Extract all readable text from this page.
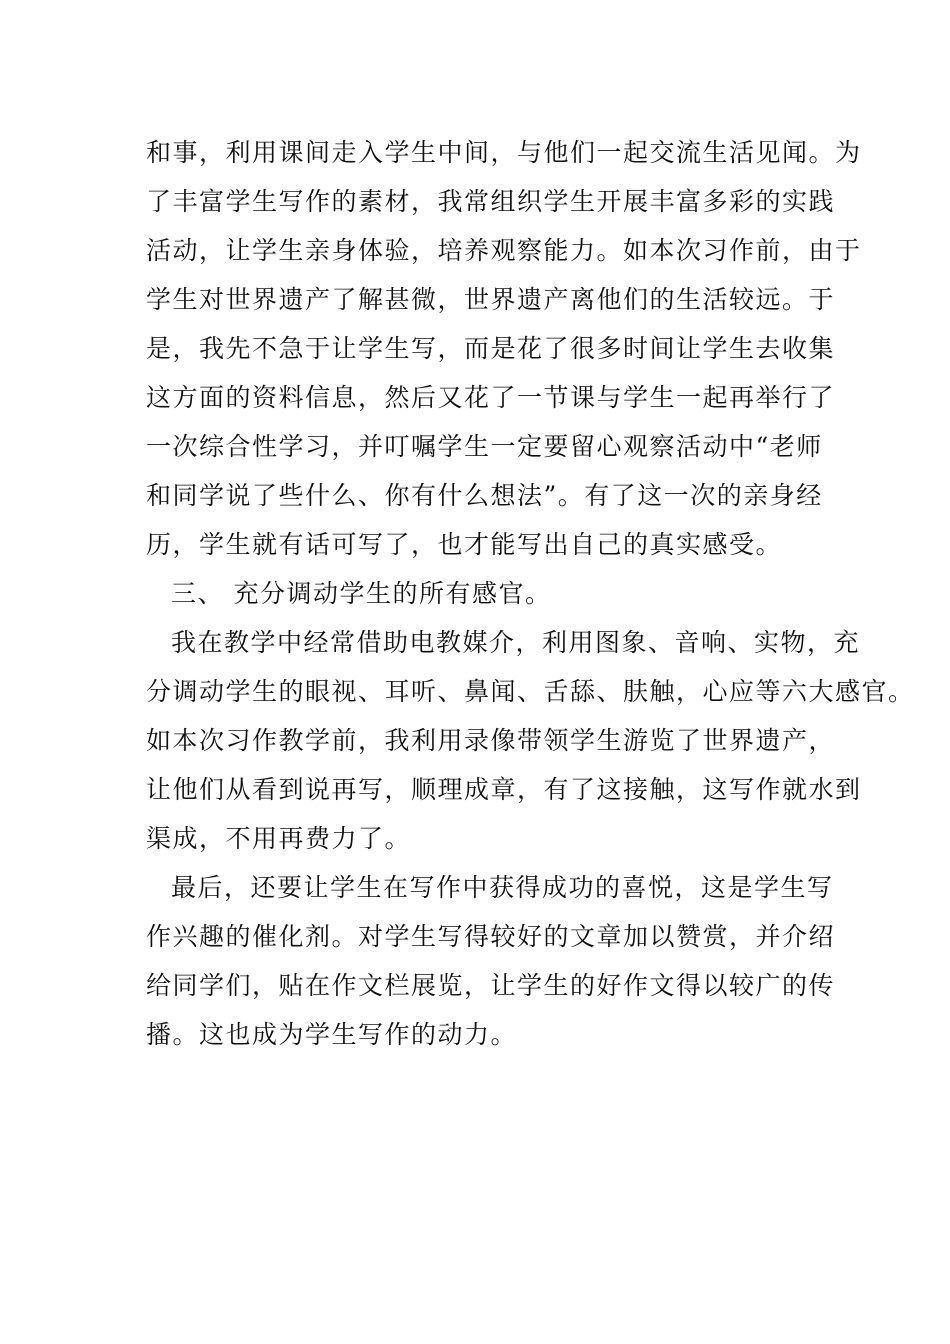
和事，利用课间走入学生中间，与他们一起交流生活见闻。为
了丰富学生写作的素材，我常组织学生开展丰富多彩的实践
活动，让学生亲身体验，培养观察能力。如本次习作前，由于
学生对世界遗产了解甚微，世界遗产离他们的生活较远。于
是，我先不急于让学生写，而是花了很多时间让学生去收集
这方面的资料信息，然后又花了一节课与学生一起再举行了
一次综合性学习，并叮嘱学生一定要留心观察活动中“老师
和同学说了些什么、你有什么想法”。有了这一次的亲身经
历，学生就有话可写了，也才能写出自己的真实感受。
三、 充分调动学生的所有感官。
我在教学中经常借助电教媒介，利用图象、音响、实物，充
分调动学生的眼视、耳听、鼻闻、舌舔、肤触，心应等六大感官。
如本次习作教学前，我利用录像带领学生游览了世界遗产，
让他们从看到说再写，顺理成章，有了这接触，这写作就水到
渠成，不用再费力了。
最后，还要让学生在写作中获得成功的喜悦，这是学生写
作兴趣的催化剂。对学生写得较好的文章加以赞赏，并介绍
给同学们，贴在作文栏展览，让学生的好作文得以较广的传
播。这也成为学生写作的动力。
